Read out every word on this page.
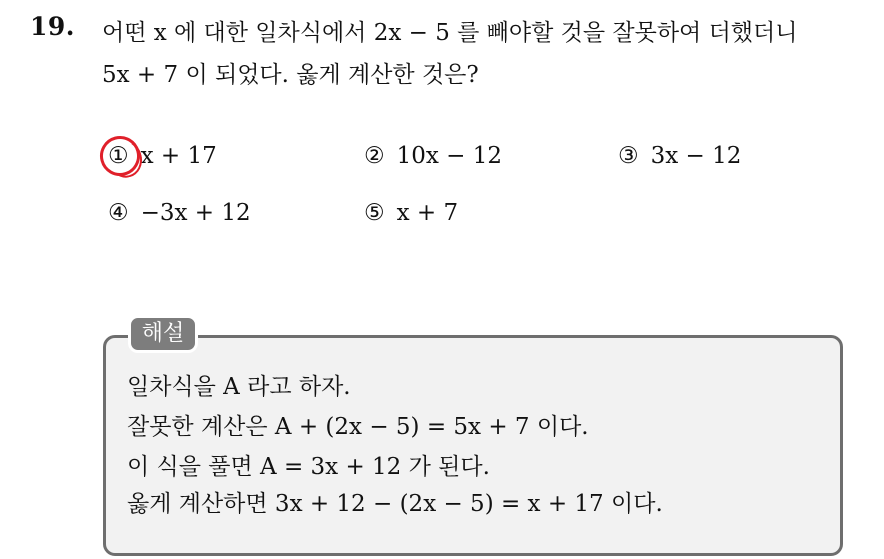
19. 어떤 x 에 대한 일차식에서 2x − 5 를 빼야할 것을 잘못하여 더했더니
5x + 7 이 되었다. 옳게 계산한 것은?
① x + 17	② 10x − 12	③ 3x − 12
④ −3x + 12	⑤ x + 7
해설
일차식을 A 라고 하자.
잘못한 계산은 A + (2x − 5) = 5x + 7 이다.
이 식을 풀면 A = 3x + 12 가 된다.
옳게 계산하면 3x + 12 − (2x − 5) = x + 17 이다.
